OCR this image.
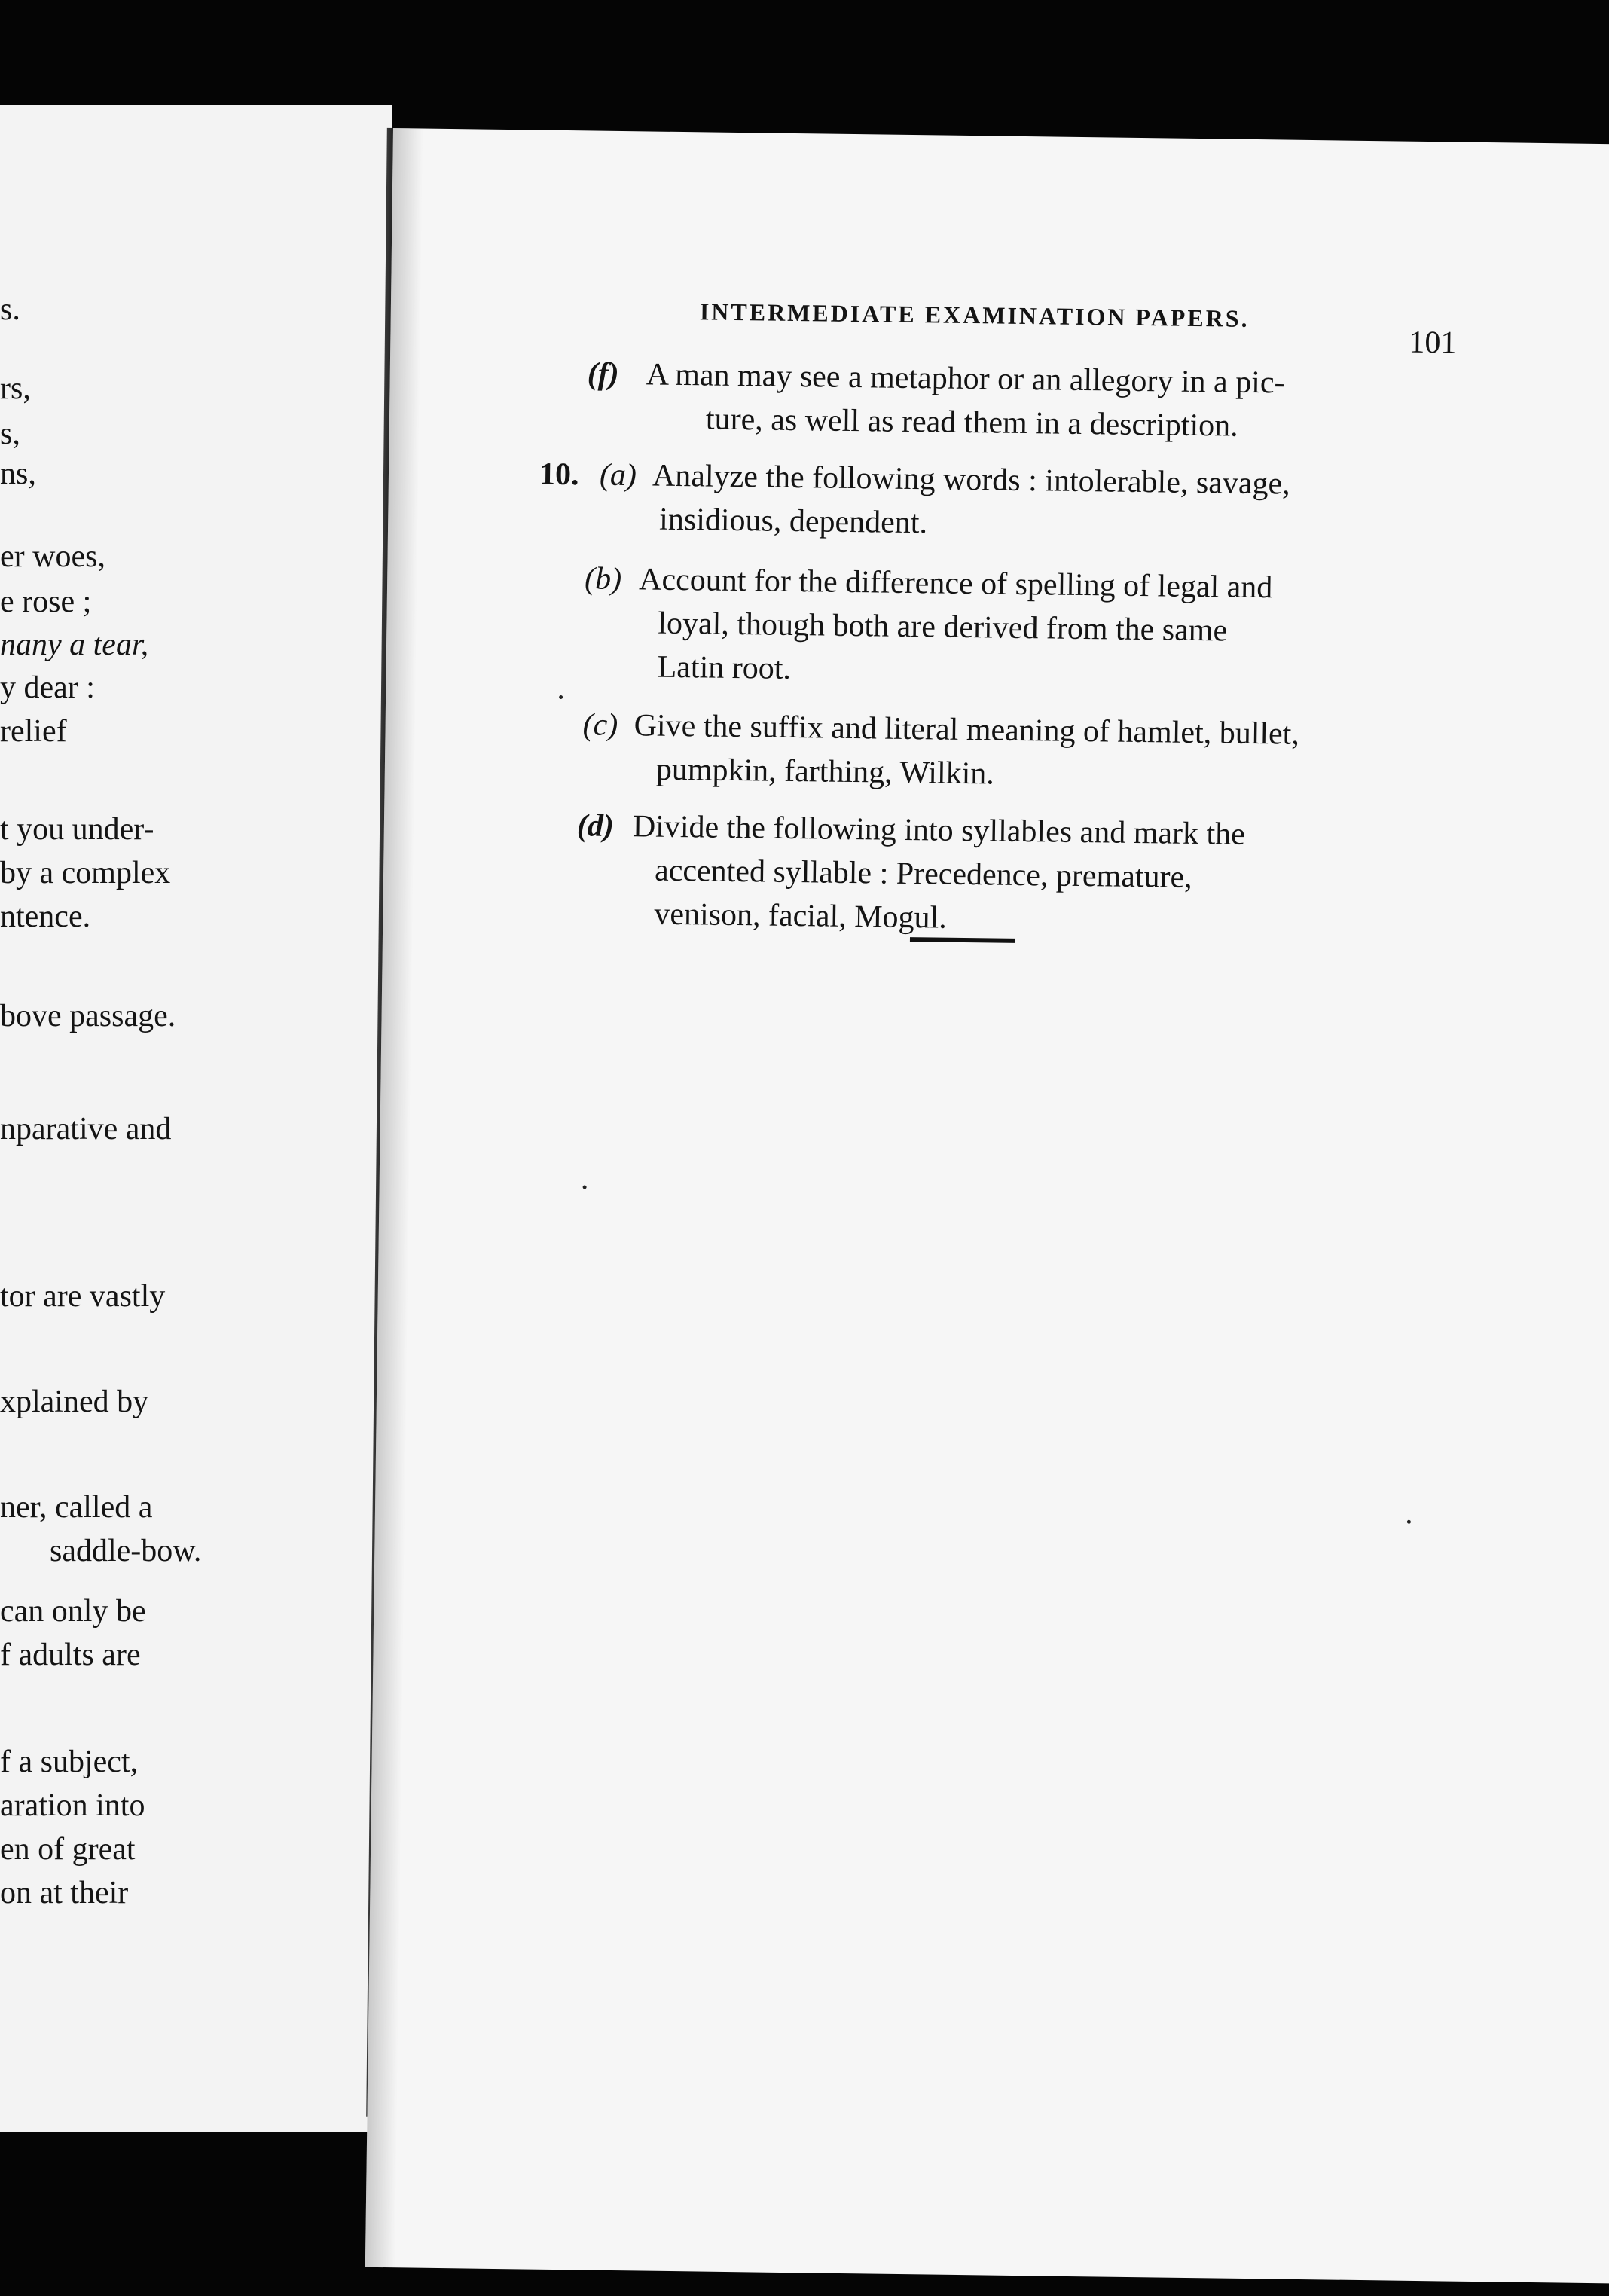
s.
rs,
s,
ns,
er woes,
e rose ;
nany a tear,
y dear :
relief
t you under-
by a complex
ntence.
bove passage.
nparative and
tor are vastly
xplained by
ner, called a
saddle-bow.
can only be
f adults are
f a subject,
aration into
en of great
on at their
INTERMEDIATE EXAMINATION PAPERS.
101
(f) A man may see a metaphor or an allegory in a pic-
ture, as well as read them in a description.
10. (a) Analyze the following words : intolerable, savage,
insidious, dependent.
(b) Account for the difference of spelling of legal and
loyal, though both are derived from the same
Latin root.
(c) Give the suffix and literal meaning of hamlet, bullet,
pumpkin, farthing, Wilkin.
(d) Divide the following into syllables and mark the
accented syllable : Precedence, premature,
venison, facial, Mogul.
